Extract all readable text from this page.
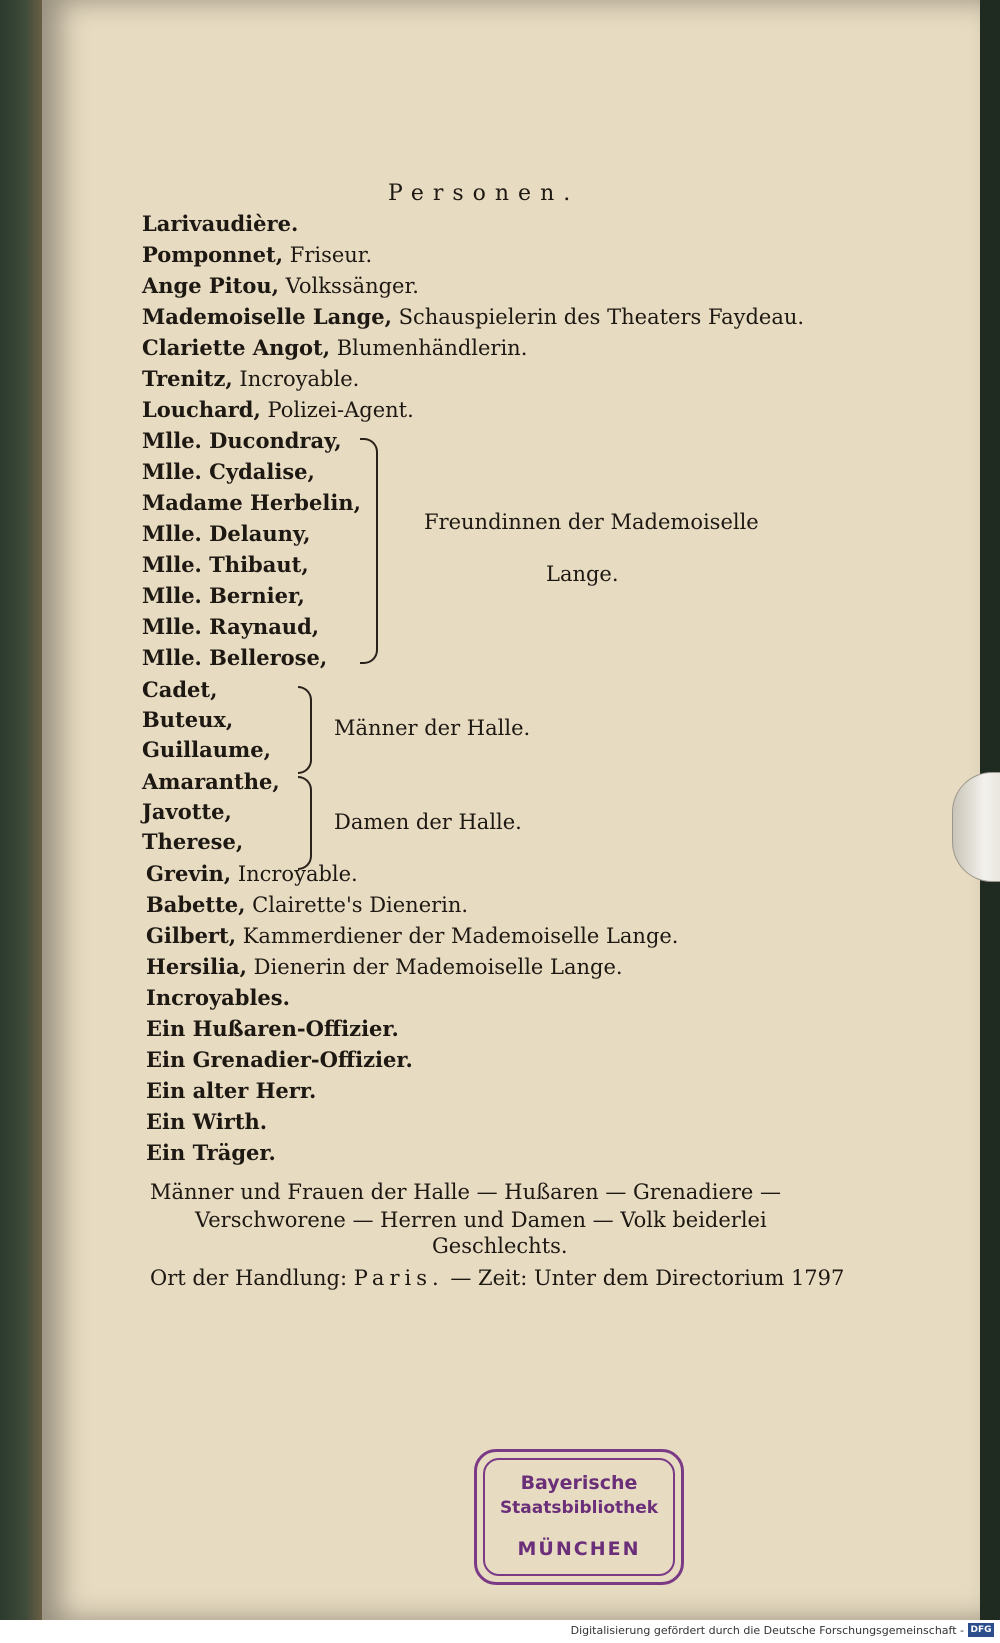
Personen.
Freundinnen der Mademoiselle
Lange.
Männer der Halle.
Damen der Halle.
Männer und Frauen der Halle — Hußaren — Grenadiere —
Verschworene — Herren und Damen — Volk beiderlei
Geschlechts.
Ort der Handlung: Paris. — Zeit: Unter dem Directorium 1797
Bayerische
Staatsbibliothek
MÜNCHEN
Digitalisierung gefördert durch die Deutsche Forschungsgemeinschaft - DFG
Larivaudière.
Pomponnet, Friseur.
Ange Pitou, Volkssänger.
Mademoiselle Lange, Schauspielerin des Theaters Faydeau.
Clariette Angot, Blumenhändlerin.
Trenitz, Incroyable.
Louchard, Polizei-Agent.
Mlle. Ducondray,
Mlle. Cydalise,
Madame Herbelin,
Mlle. Delauny,
Mlle. Thibaut,
Mlle. Bernier,
Mlle. Raynaud,
Mlle. Bellerose,
Cadet,
Buteux,
Guillaume,
Amaranthe,
Javotte,
Therese,
Grevin, Incroyable.
Babette, Clairette's Dienerin.
Gilbert, Kammerdiener der Mademoiselle Lange.
Hersilia, Dienerin der Mademoiselle Lange.
Incroyables.
Ein Hußaren-Offizier.
Ein Grenadier-Offizier.
Ein alter Herr.
Ein Wirth.
Ein Träger.
